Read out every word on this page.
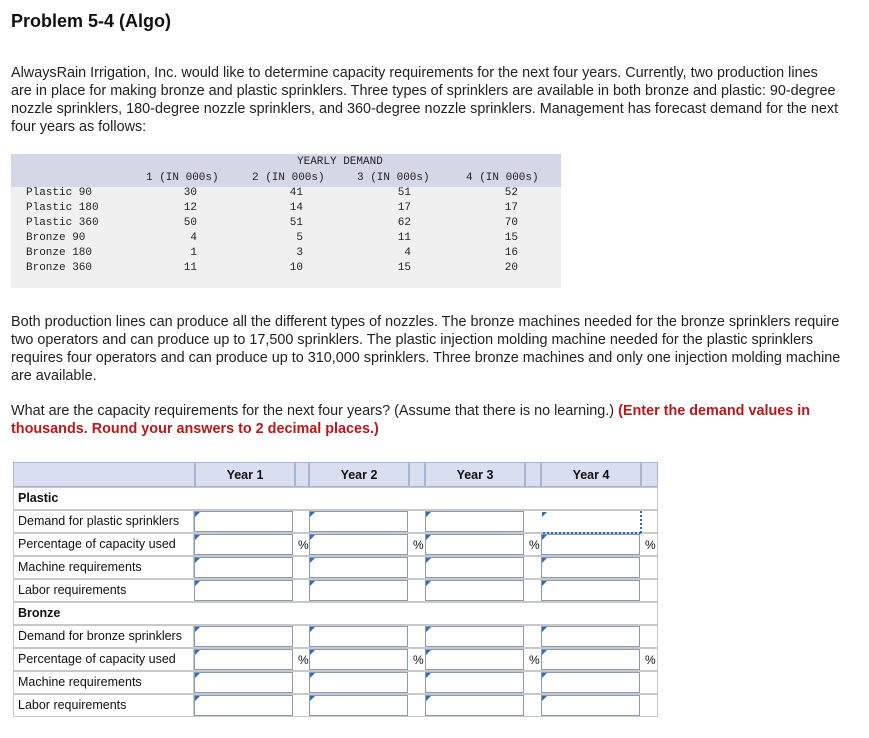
Problem 5-4 (Algo)
AlwaysRain Irrigation, Inc. would like to determine capacity requirements for the next four years. Currently, two production lines are in place for making bronze and plastic sprinklers. Three types of sprinklers are available in both bronze and plastic: 90-degree nozzle sprinklers, 180-degree nozzle sprinklers, and 360-degree nozzle sprinklers. Management has forecast demand for the next four years as follows:
YEARLY DEMAND
1 (IN 000s)	2 (IN 000s)	3 (IN 000s)	4 (IN 000s)
Plastic 90	30	41	51	52
Plastic 180	12	14	17	17
Plastic 360	50	51	62	70
Bronze 90	4	5	11	15
Bronze 180	1	3	4	16
Bronze 360	11	10	15	20
Both production lines can produce all the different types of nozzles. The bronze machines needed for the bronze sprinklers require two operators and can produce up to 17,500 sprinklers. The plastic injection molding machine needed for the plastic sprinklers requires four operators and can produce up to 310,000 sprinklers. Three bronze machines and only one injection molding machine are available.
What are the capacity requirements for the next four years? (Assume that there is no learning.) (Enter the demand values in thousands. Round your answers to 2 decimal places.)
Year 1	Year 2	Year 3	Year 4
Plastic
Demand for plastic sprinklers
Percentage of capacity used
Machine requirements
Labor requirements
Bronze
Demand for bronze sprinklers
Percentage of capacity used
Machine requirements
Labor requirements
%	%	%	%
%	%	%	%
